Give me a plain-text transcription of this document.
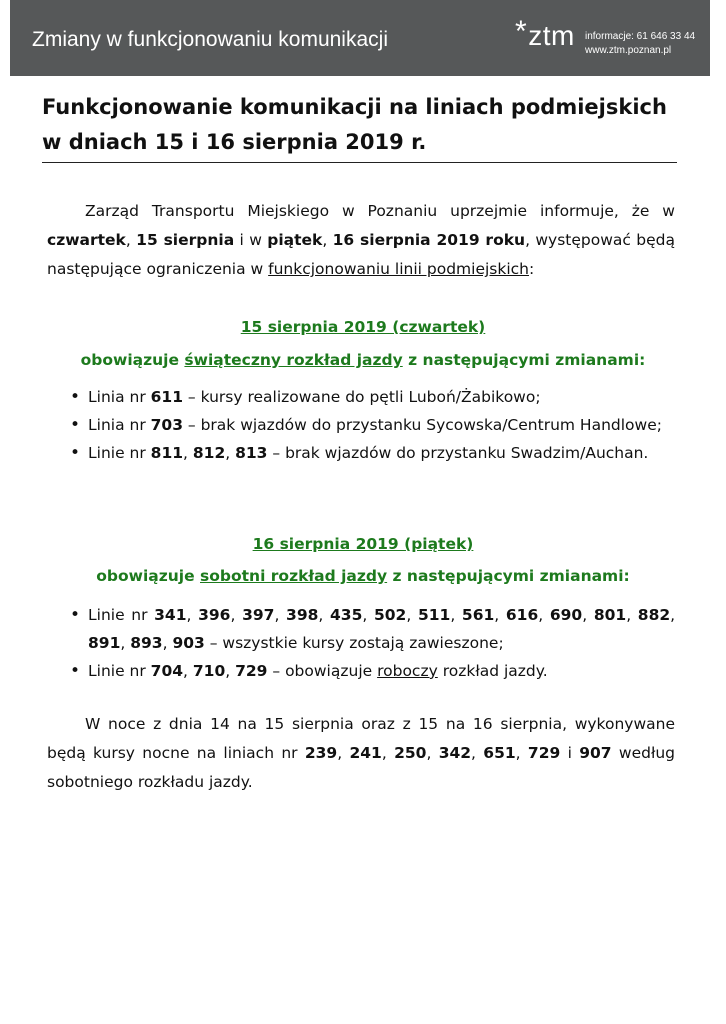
Zmiany w funkcjonowaniu komunikacji	*ztm informacje: 61 646 33 44
www.ztm.poznan.pl
Funkcjonowanie komunikacji na liniach podmiejskich
w dniach 15 i 16 sierpnia 2019 r.

Zarząd Transportu Miejskiego w Poznaniu uprzejmie informuje, że w czwartek, 15 sierpnia i w piątek, 16 sierpnia 2019 roku, występować będą następujące ograniczenia w funkcjonowaniu linii podmiejskich:

15 sierpnia 2019 (czwartek)

obowiązuje świąteczny rozkład jazdy z następującymi zmianami:

• Linia nr 611 – kursy realizowane do pętli Luboń/Żabikowo;
• Linia nr 703 – brak wjazdów do przystanku Sycowska/Centrum Handlowe;
• Linie nr 811, 812, 813 – brak wjazdów do przystanku Swadzim/Auchan.

16 sierpnia 2019 (piątek)

obowiązuje sobotni rozkład jazdy z następującymi zmianami:

• Linie nr 341, 396, 397, 398, 435, 502, 511, 561, 616, 690, 801, 882, 891, 893, 903 – wszystkie kursy zostają zawieszone;
• Linie nr 704, 710, 729 – obowiązuje roboczy rozkład jazdy.

W noce z dnia 14 na 15 sierpnia oraz z 15 na 16 sierpnia, wykonywane będą kursy nocne na liniach nr 239, 241, 250, 342, 651, 729 i 907 według sobotniego rozkładu jazdy.
